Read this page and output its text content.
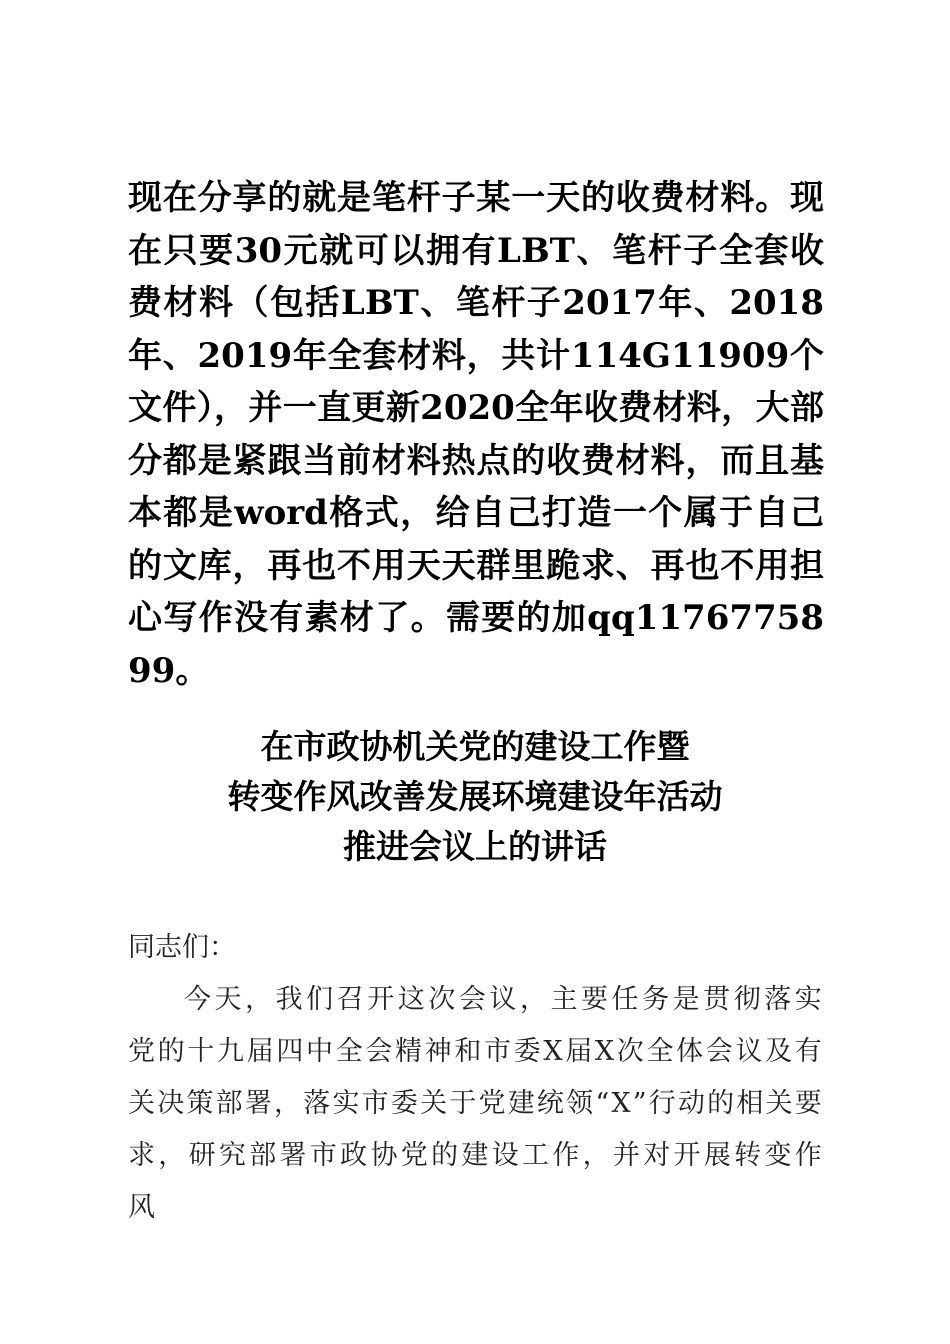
现在分享的就是笔杆子某一天的收费材料。现在只要30元就可以拥有LBT、笔杆子全套收费材料（包括LBT、笔杆子2017年、2018年、2019年全套材料，共计114G11909个文件），并一直更新2020全年收费材料，大部分都是紧跟当前材料热点的收费材料，而且基本都是word格式，给自己打造一个属于自己的文库，再也不用天天群里跪求、再也不用担心写作没有素材了。需要的加qq1176775899。
在市政协机关党的建设工作暨
转变作风改善发展环境建设年活动
推进会议上的讲话
同志们：
今天，我们召开这次会议，主要任务是贯彻落实党的十九届四中全会精神和市委X届X次全体会议及有关决策部署，落实市委关于党建统领“X”行动的相关要求，研究部署市政协党的建设工作，并对开展转变作风
